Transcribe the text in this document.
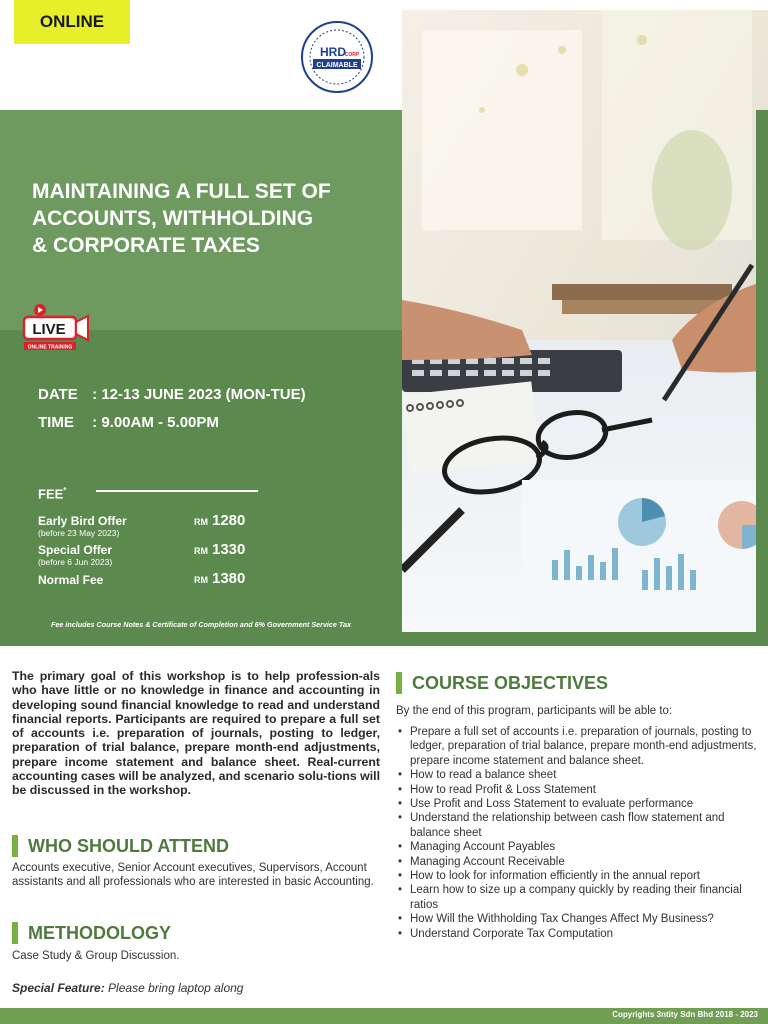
ONLINE
HRD
CORP
CLAIMABLE
MAINTAINING A FULL SET OF
ACCOUNTS, WITHHOLDING
& CORPORATE TAXES
LIVE
ONLINE TRAINING
DATE : 12-13 JUNE 2023 (MON-TUE)
TIME : 9.00AM - 5.00PM
FEE*
Early Bird Offer
(before 23 May 2023)
RM 1280
Special Offer
(before 6 Jun 2023)
RM 1330
Normal Fee	RM 1380
Fee includes Course Notes & Certificate of Completion and 6% Government Service Tax
The primary goal of this workshop is to help profession-als who have little or no knowledge in finance and accounting in developing sound financial knowledge to read and understand financial reports. Participants are required to prepare a full set of accounts i.e. preparation of journals, posting to ledger, preparation of trial balance, prepare month-end adjustments, prepare income statement and balance sheet. Real-current accounting cases will be analyzed, and scenario solu-tions will be discussed in the workshop.
WHO SHOULD ATTEND
Accounts executive, Senior Account executives, Supervisors, Account assistants and all professionals who are interested in basic Accounting.
METHODOLOGY
Case Study & Group Discussion.
Special Feature: Please bring laptop along
COURSE OBJECTIVES
By the end of this program, participants will be able to:
• Prepare a full set of accounts i.e. preparation of journals, posting to ledger, preparation of trial balance, prepare month-end adjustments, prepare income statement and balance sheet.
• How to read a balance sheet
• How to read Profit & Loss Statement
• Use Profit and Loss Statement to evaluate performance
• Understand the relationship between cash flow statement and balance sheet
• Managing Account Payables
• Managing Account Receivable
• How to look for information efficiently in the annual report
• Learn how to size up a company quickly by reading their financial ratios
• How Will the Withholding Tax Changes Affect My Business?
• Understand Corporate Tax Computation
Copyrights 3ntity Sdn Bhd 2018 - 2023
